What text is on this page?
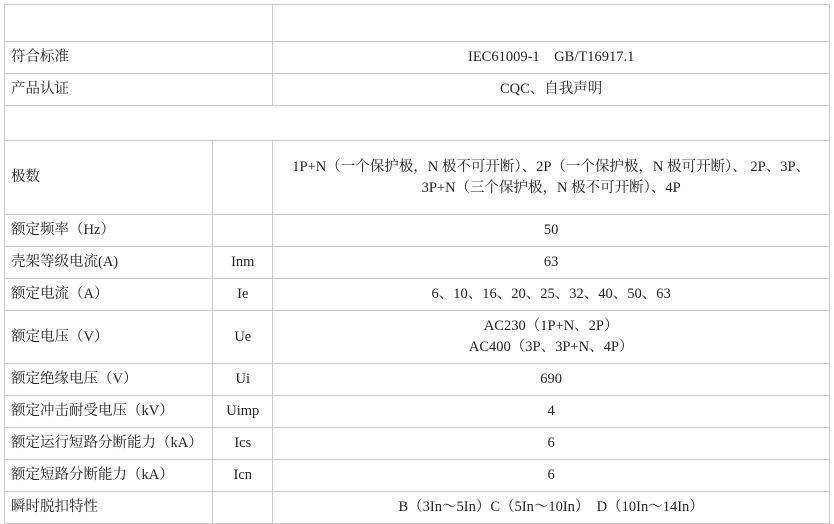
产品名称		TGB1NLE-63Y
符合标准		IEC61009-1　GB/T16917.1
产品认证		CQC、自我声明
电气特性		
极数		1P+N（一个保护极，N 极不可开断）、2P（一个保护极，N 极可开断）、 2P、3P、3P+N（三个保护极，N 极不可开断）、4P
额定频率（Hz）		50
壳架等级电流(A)	Inm	63
额定电流（A）	Ie	6、10、16、20、25、32、40、50、63
额定电压（V）	Ue	AC230（1P+N、2P）
AC400（3P、3P+N、4P）

额定绝缘电压（V）	Ui	690
额定冲击耐受电压（kV）	Uimp	4
额定运行短路分断能力（kA）	Ics	6
额定短路分断能力（kA）	Icn	6
瞬时脱扣特性		B（3In～5In）C（5In～10In）　D（10In～14In）
